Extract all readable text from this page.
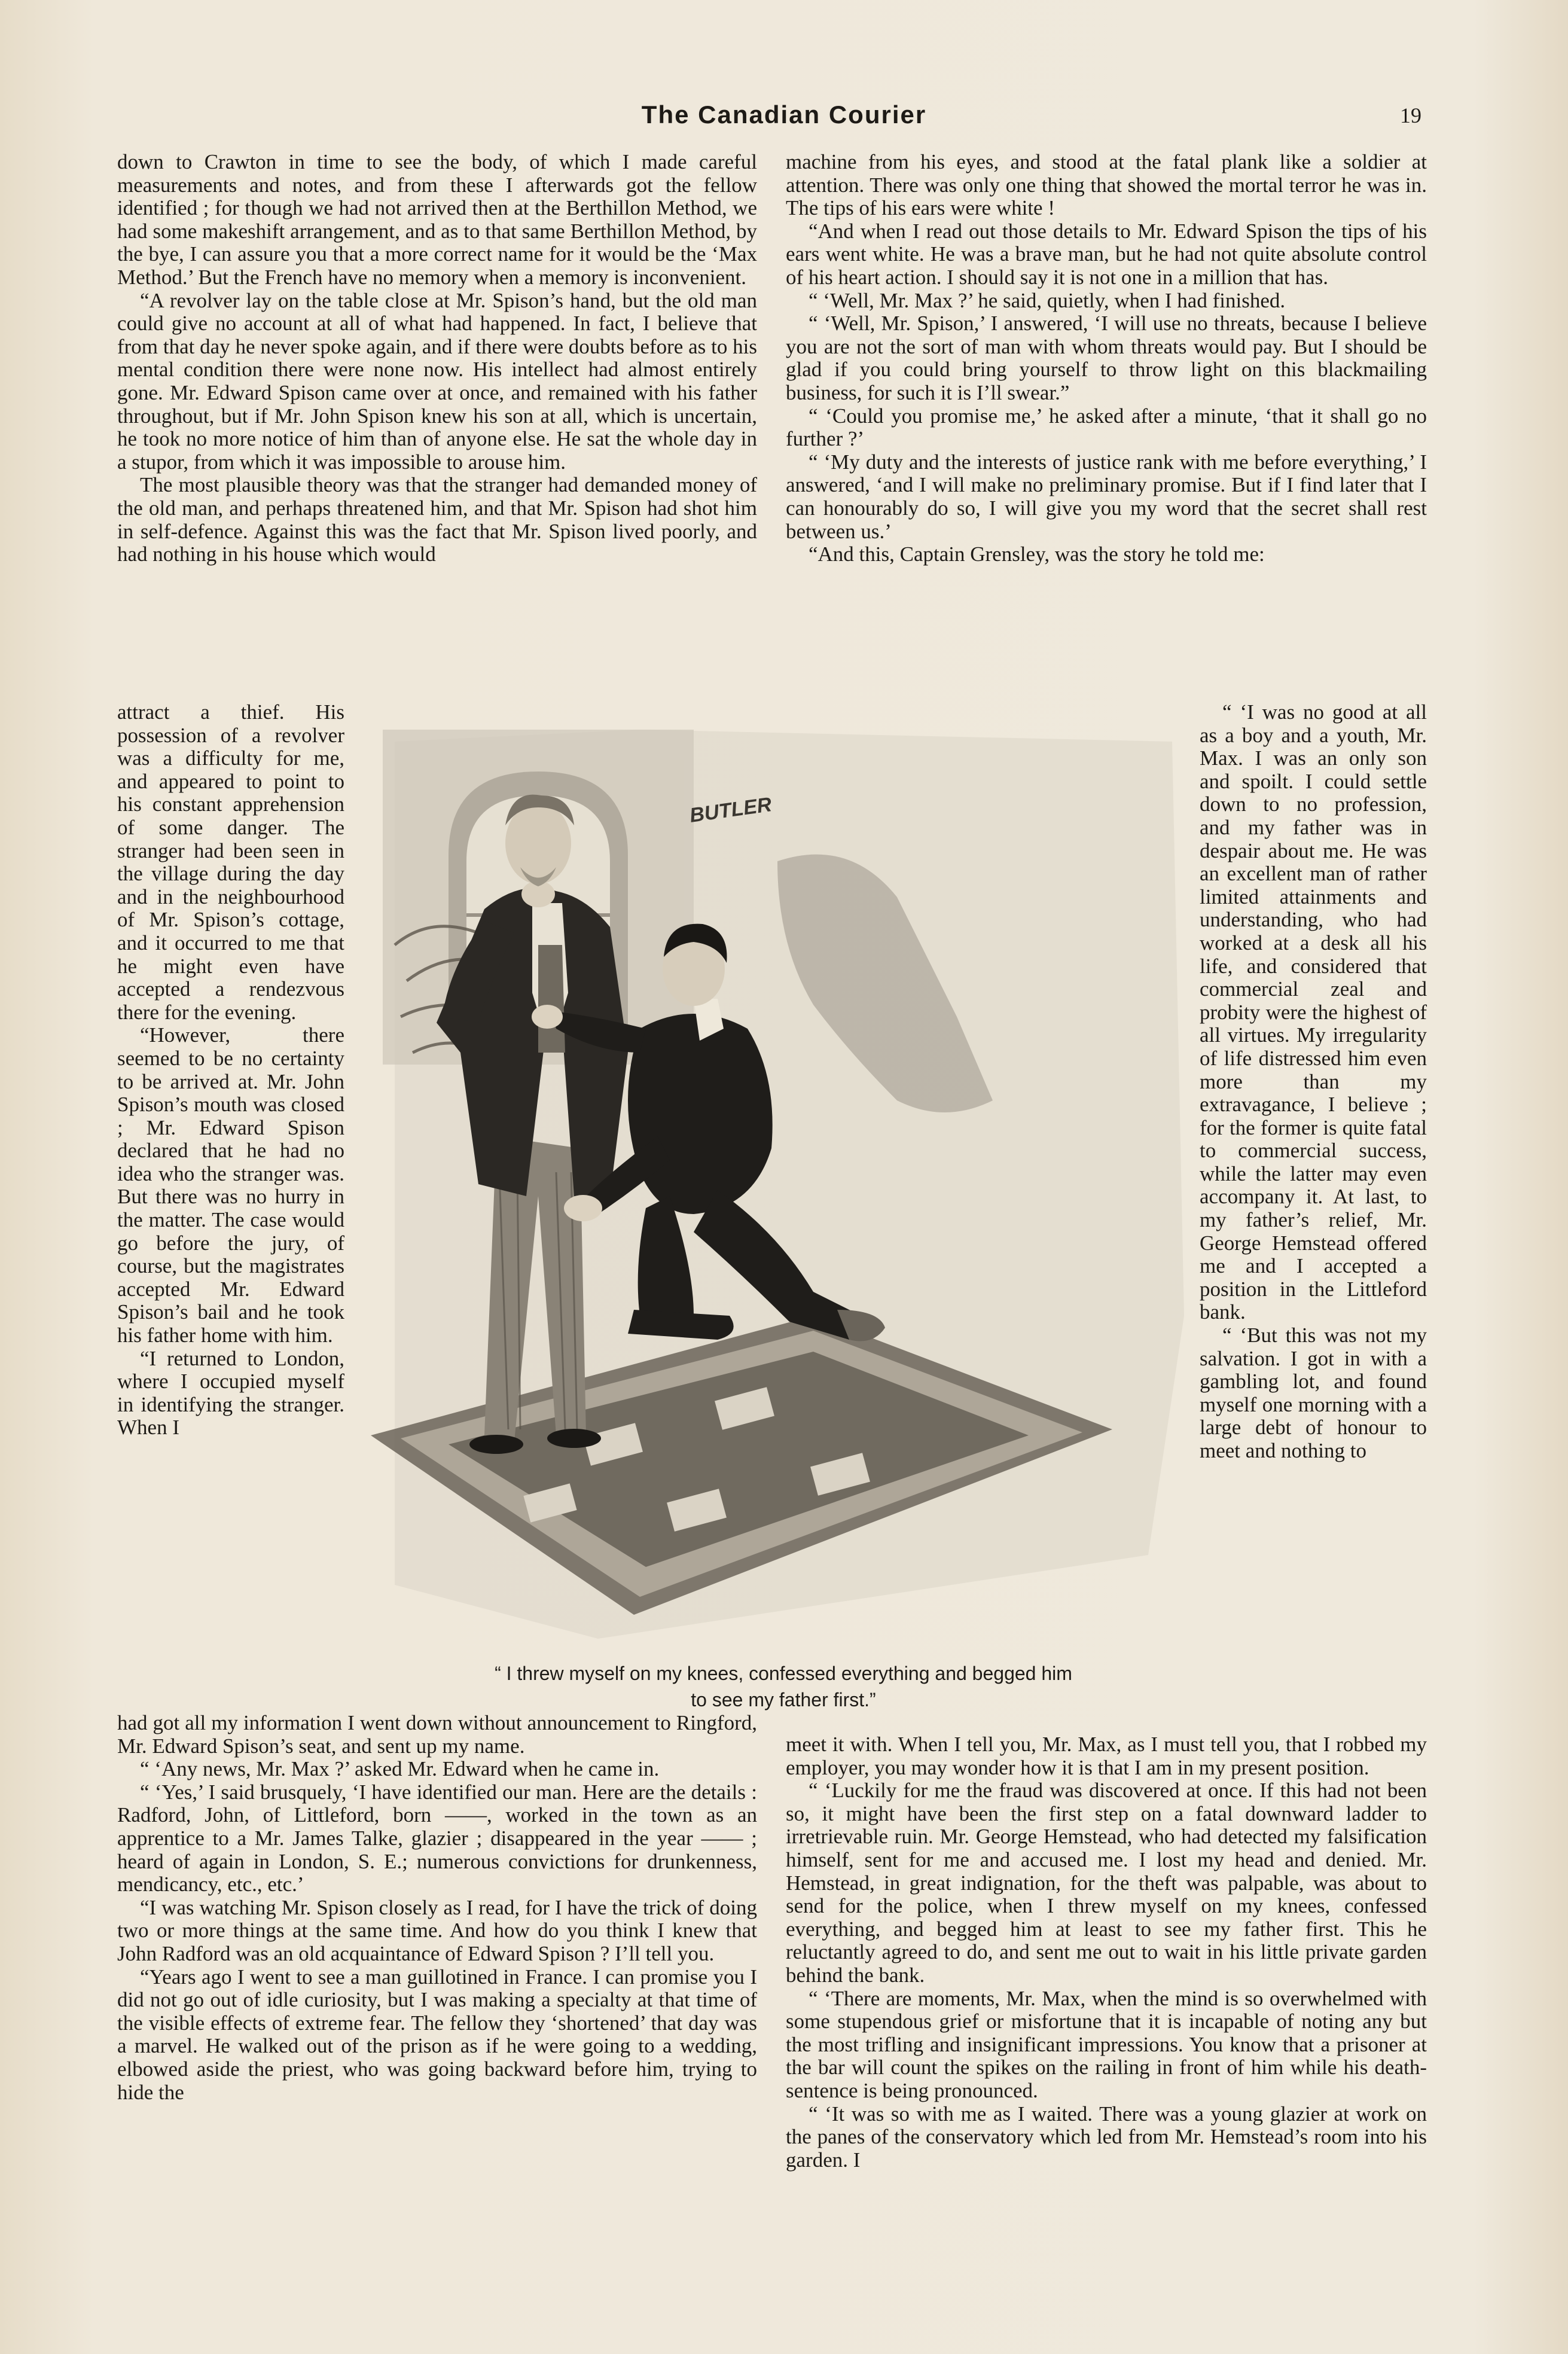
The Canadian Courier	19

down to Crawton in time to see the body, of which I made careful measurements and notes, and from these I afterwards got the fellow identified ; for though we had not arrived then at the Berthillon Method, we had some makeshift arrangement, and as to that same Berthillon Method, by the bye, I can assure you that a more correct name for it would be the ‘Max Method.’ But the French have no memory when a memory is inconvenient.

“A revolver lay on the table close at Mr. Spison’s hand, but the old man could give no account at all of what had happened. In fact, I believe that from that day he never spoke again, and if there were doubts before as to his mental condition there were none now. His intellect had almost entirely gone. Mr. Edward Spison came over at once, and remained with his father throughout, but if Mr. John Spison knew his son at all, which is uncertain, he took no more notice of him than of anyone else. He sat the whole day in a stupor, from which it was impossible to arouse him.

The most plausible theory was that the stranger had demanded money of the old man, and perhaps threatened him, and that Mr. Spison had shot him in self-defence. Against this was the fact that Mr. Spison lived poorly, and had nothing in his house which would

attract a thief. His possession of a revolver was a difficulty for me, and appeared to point to his constant apprehension of some danger. The stranger had been seen in the village during the day and in the neighbourhood of Mr. Spison’s cottage, and it occurred to me that he might even have accepted a rendezvous there for the evening.

“However, there seemed to be no certainty to be arrived at. Mr. John Spison’s mouth was closed ; Mr. Edward Spison declared that he had no idea who the stranger was. But there was no hurry in the matter. The case would go before the jury, of course, but the magistrates accepted Mr. Edward Spison’s bail and he took his father home with him.

“I returned to London, where I occupied myself in identifying the stranger. When I

had got all my information I went down without announcement to Ringford, Mr. Edward Spison’s seat, and sent up my name.

“ ‘Any news, Mr. Max ?’ asked Mr. Edward when he came in.

“ ‘Yes,’ I said brusquely, ‘I have identified our man. Here are the details : Radford, John, of Littleford, born ——, worked in the town as an apprentice to a Mr. James Talke, glazier ; disappeared in the year —— ; heard of again in London, S. E.; numerous convictions for drunkenness, mendicancy, etc., etc.’

“I was watching Mr. Spison closely as I read, for I have the trick of doing two or more things at the same time. And how do you think I knew that John Radford was an old acquaintance of Edward Spison ? I’ll tell you.

“Years ago I went to see a man guillotined in France. I can promise you I did not go out of idle curiosity, but I was making a specialty at that time of the visible effects of extreme fear. The fellow they ‘shortened’ that day was a marvel. He walked out of the prison as if he were going to a wedding, elbowed aside the priest, who was going backward before him, trying to hide the

machine from his eyes, and stood at the fatal plank like a soldier at attention. There was only one thing that showed the mortal terror he was in. The tips of his ears were white !

“And when I read out those details to Mr. Edward Spison the tips of his ears went white. He was a brave man, but he had not quite absolute control of his heart action. I should say it is not one in a million that has.

“ ‘Well, Mr. Max ?’ he said, quietly, when I had finished.

“ ‘Well, Mr. Spison,’ I answered, ‘I will use no threats, because I believe you are not the sort of man with whom threats would pay. But I should be glad if you could bring yourself to throw light on this blackmailing business, for such it is I’ll swear.”

“ ‘Could you promise me,’ he asked after a minute, ‘that it shall go no further ?’

“ ‘My duty and the interests of justice rank with me before everything,’ I answered, ‘and I will make no preliminary promise. But if I find later that I can honourably do so, I will give you my word that the secret shall rest between us.’

“And this, Captain Grensley, was the story he told me:

“ ‘I was no good at all as a boy and a youth, Mr. Max. I was an only son and spoilt. I could settle down to no profession, and my father was in despair about me. He was an excellent man of rather limited attainments and understanding, who had worked at a desk all his life, and considered that commercial zeal and probity were the highest of all virtues. My irregularity of life distressed him even more than my extravagance, I believe ; for the former is quite fatal to commercial success, while the latter may even accompany it. At last, to my father’s relief, Mr. George Hemstead offered me and I accepted a position in the Littleford bank.

“ ‘But this was not my salvation. I got in with a gambling lot, and found myself one morning with a large debt of honour to meet and nothing to

meet it with. When I tell you, Mr. Max, as I must tell you, that I robbed my employer, you may wonder how it is that I am in my present position.

“ ‘Luckily for me the fraud was discovered at once. If this had not been so, it might have been the first step on a fatal downward ladder to irretrievable ruin. Mr. George Hemstead, who had detected my falsification himself, sent for me and accused me. I lost my head and denied. Mr. Hemstead, in great indignation, for the theft was palpable, was about to send for the police, when I threw myself on my knees, confessed everything, and begged him at least to see my father first. This he reluctantly agreed to do, and sent me out to wait in his little private garden behind the bank.

“ ‘There are moments, Mr. Max, when the mind is so overwhelmed with some stupendous grief or misfortune that it is incapable of noting any but the most trifling and insignificant impressions. You know that a prisoner at the bar will count the spikes on the railing in front of him while his death-sentence is being pronounced.

“ ‘It was so with me as I waited. There was a young glazier at work on the panes of the conservatory which led from Mr. Hemstead’s room into his garden. I

BUTLER
“ I threw myself on my knees, confessed everything and begged him
to see my father first.”
